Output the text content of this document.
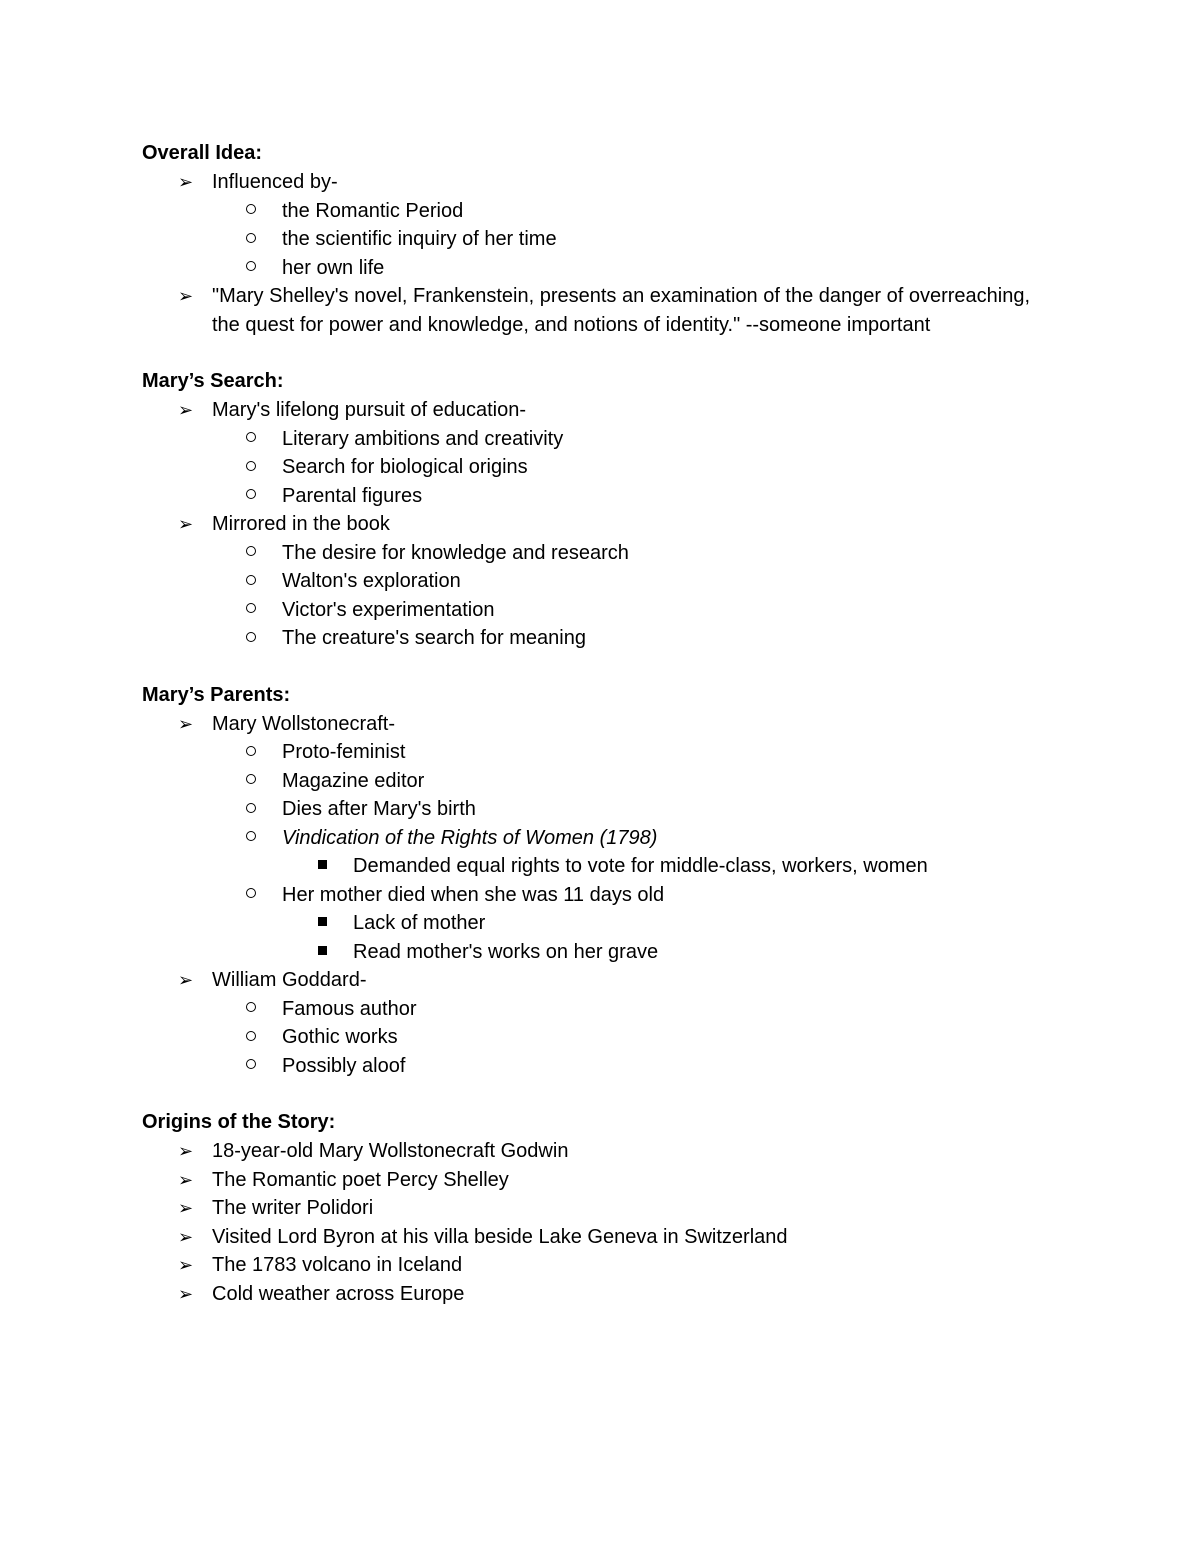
Overall Idea:
➢ Influenced by-
the Romantic Period
the scientific inquiry of her time
her own life
➢ "Mary Shelley's novel, Frankenstein, presents an examination of the danger of overreaching, the quest for power and knowledge, and notions of identity." --someone important
Mary’s Search:
➢ Mary's lifelong pursuit of education-
Literary ambitions and creativity
Search for biological origins
Parental figures
➢ Mirrored in the book
The desire for knowledge and research
Walton's exploration
Victor's experimentation
The creature's search for meaning
Mary’s Parents:
➢ Mary Wollstonecraft-
Proto-feminist
Magazine editor
Dies after Mary's birth
Vindication of the Rights of Women (1798)
Demanded equal rights to vote for middle-class, workers, women
Her mother died when she was 11 days old
Lack of mother
Read mother's works on her grave
➢ William Goddard-
Famous author
Gothic works
Possibly aloof
Origins of the Story:
➢ 18-year-old Mary Wollstonecraft Godwin
➢ The Romantic poet Percy Shelley
➢ The writer Polidori
➢ Visited Lord Byron at his villa beside Lake Geneva in Switzerland
➢ The 1783 volcano in Iceland
➢ Cold weather across Europe
